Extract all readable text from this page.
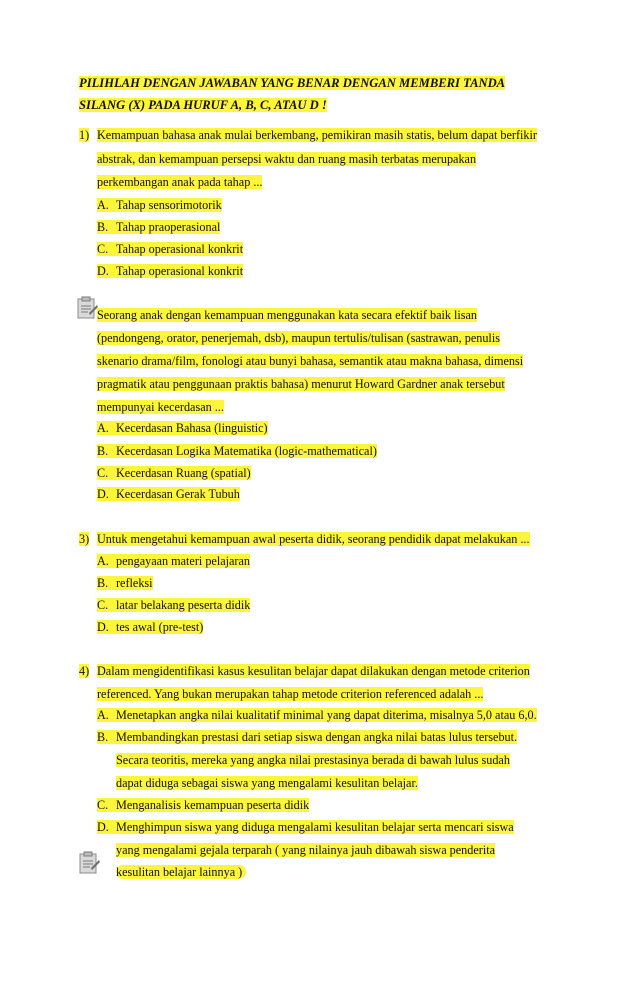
PILIHLAH DENGAN JAWABAN YANG BENAR DENGAN MEMBERI TANDA
SILANG (X) PADA HURUF A, B, C, ATAU D !
1) Kemampuan bahasa anak mulai berkembang, pemikiran masih statis, belum dapat berfikir
abstrak, dan kemampuan persepsi waktu dan ruang masih terbatas merupakan
perkembangan anak pada tahap ...
A. Tahap sensorimotorik
B. Tahap praoperasional
C. Tahap operasional konkrit
D. Tahap operasional konkrit
Seorang anak dengan kemampuan menggunakan kata secara efektif baik lisan
(pendongeng, orator, penerjemah, dsb), maupun tertulis/tulisan (sastrawan, penulis
skenario drama/film, fonologi atau bunyi bahasa, semantik atau makna bahasa, dimensi
pragmatik atau penggunaan praktis bahasa) menurut Howard Gardner anak tersebut
mempunyai kecerdasan ...
A. Kecerdasan Bahasa (linguistic)
B. Kecerdasan Logika Matematika (logic-mathematical)
C. Kecerdasan Ruang (spatial)
D. Kecerdasan Gerak Tubuh
3) Untuk mengetahui kemampuan awal peserta didik, seorang pendidik dapat melakukan ...
A. pengayaan materi pelajaran
B. refleksi
C. latar belakang peserta didik
D. tes awal (pre-test)
4) Dalam mengidentifikasi kasus kesulitan belajar dapat dilakukan dengan metode criterion
referenced. Yang bukan merupakan tahap metode criterion referenced adalah ...
A. Menetapkan angka nilai kualitatif minimal yang dapat diterima, misalnya 5,0 atau 6,0.
B. Membandingkan prestasi dari setiap siswa dengan angka nilai batas lulus tersebut.
Secara teoritis, mereka yang angka nilai prestasinya berada di bawah lulus sudah
dapat diduga sebagai siswa yang mengalami kesulitan belajar.
C. Menganalisis kemampuan peserta didik
D. Menghimpun siswa yang diduga mengalami kesulitan belajar serta mencari siswa
yang mengalami gejala terparah ( yang nilainya jauh dibawah siswa penderita
kesulitan belajar lainnya )
